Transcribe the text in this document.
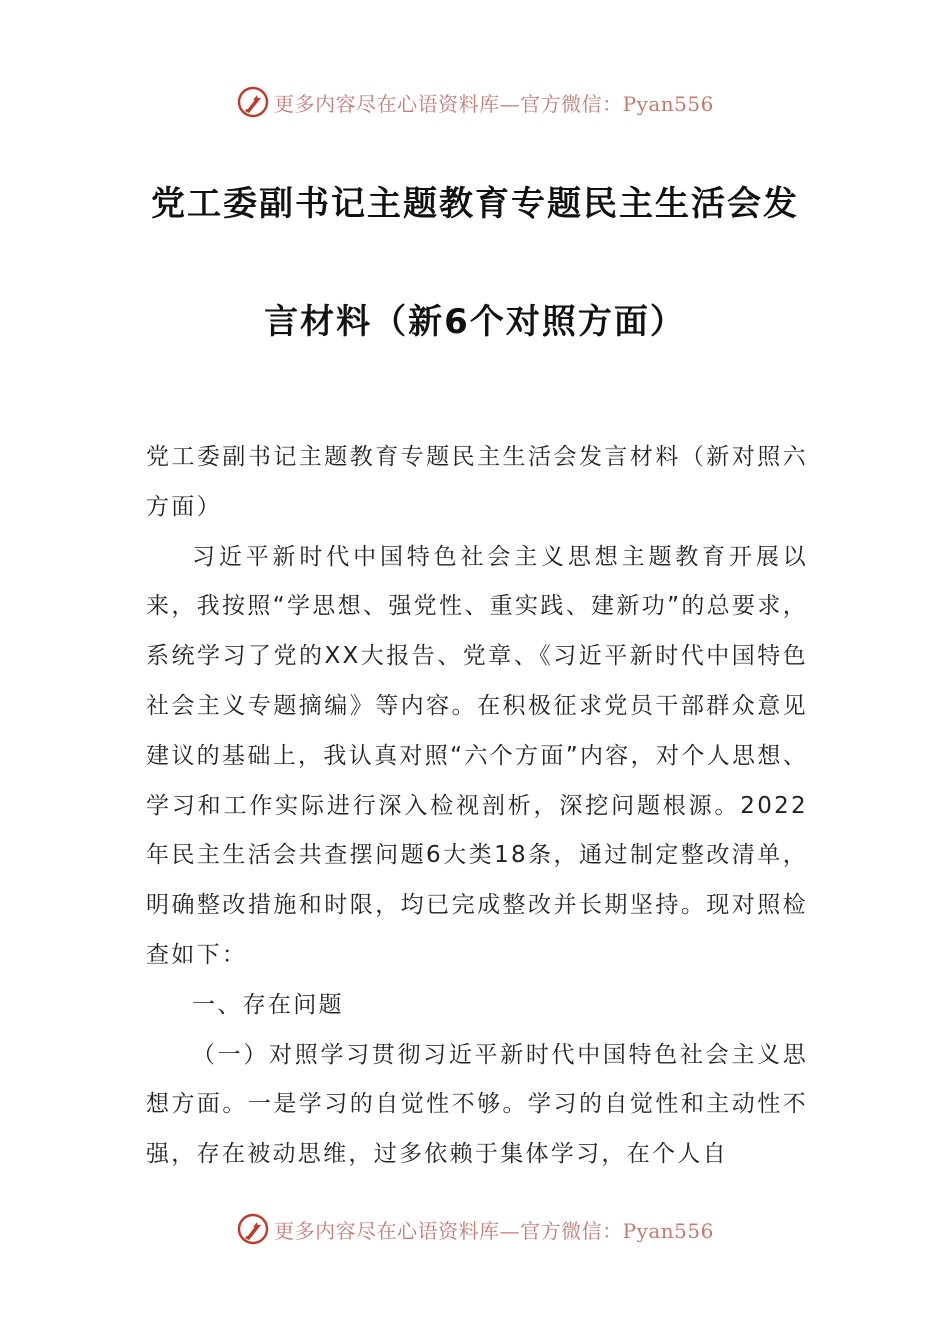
更多内容尽在心语资料库—官方微信：Pyan556
党工委副书记主题教育专题民主生活会发
言材料（新6个对照方面）

党工委副书记主题教育专题民主生活会发言材料（新对照六方面）

习近平新时代中国特色社会主义思想主题教育开展以来，我按照“学思想、强党性、重实践、建新功”的总要求，系统学习了党的XX大报告、党章、《习近平新时代中国特色社会主义专题摘编》等内容。在积极征求党员干部群众意见建议的基础上，我认真对照“六个方面”内容，对个人思想、学习和工作实际进行深入检视剖析，深挖问题根源。2022年民主生活会共查摆问题6大类18条，通过制定整改清单，明确整改措施和时限，均已完成整改并长期坚持。现对照检查如下：

一、存在问题

（一）对照学习贯彻习近平新时代中国特色社会主义思想方面。一是学习的自觉性不够。学习的自觉性和主动性不强，存在被动思维，过多依赖于集体学习，在个人自

更多内容尽在心语资料库—官方微信：Pyan556
